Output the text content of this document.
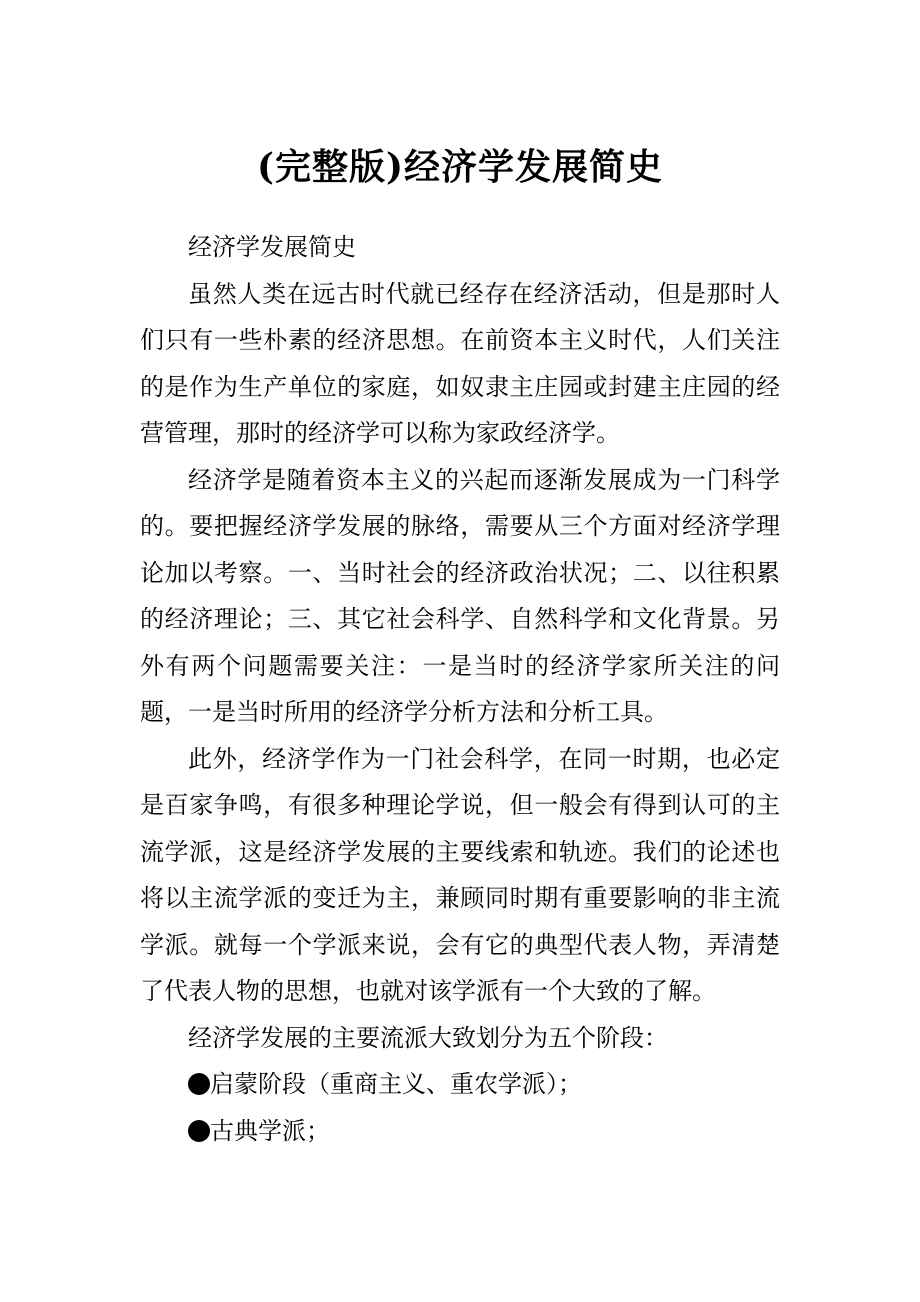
(完整版)经济学发展简史

经济学发展简史

虽然人类在远古时代就已经存在经济活动，但是那时人们只有一些朴素的经济思想。在前资本主义时代，人们关注的是作为生产单位的家庭，如奴隶主庄园或封建主庄园的经营管理，那时的经济学可以称为家政经济学。

经济学是随着资本主义的兴起而逐渐发展成为一门科学的。要把握经济学发展的脉络，需要从三个方面对经济学理论加以考察。一、当时社会的经济政治状况；二、以往积累的经济理论；三、其它社会科学、自然科学和文化背景。另外有两个问题需要关注：一是当时的经济学家所关注的问题，一是当时所用的经济学分析方法和分析工具。

此外，经济学作为一门社会科学，在同一时期，也必定是百家争鸣，有很多种理论学说，但一般会有得到认可的主流学派，这是经济学发展的主要线索和轨迹。我们的论述也将以主流学派的变迁为主，兼顾同时期有重要影响的非主流学派。就每一个学派来说，会有它的典型代表人物，弄清楚了代表人物的思想，也就对该学派有一个大致的了解。

经济学发展的主要流派大致划分为五个阶段：

启蒙阶段（重商主义、重农学派）；

古典学派；
